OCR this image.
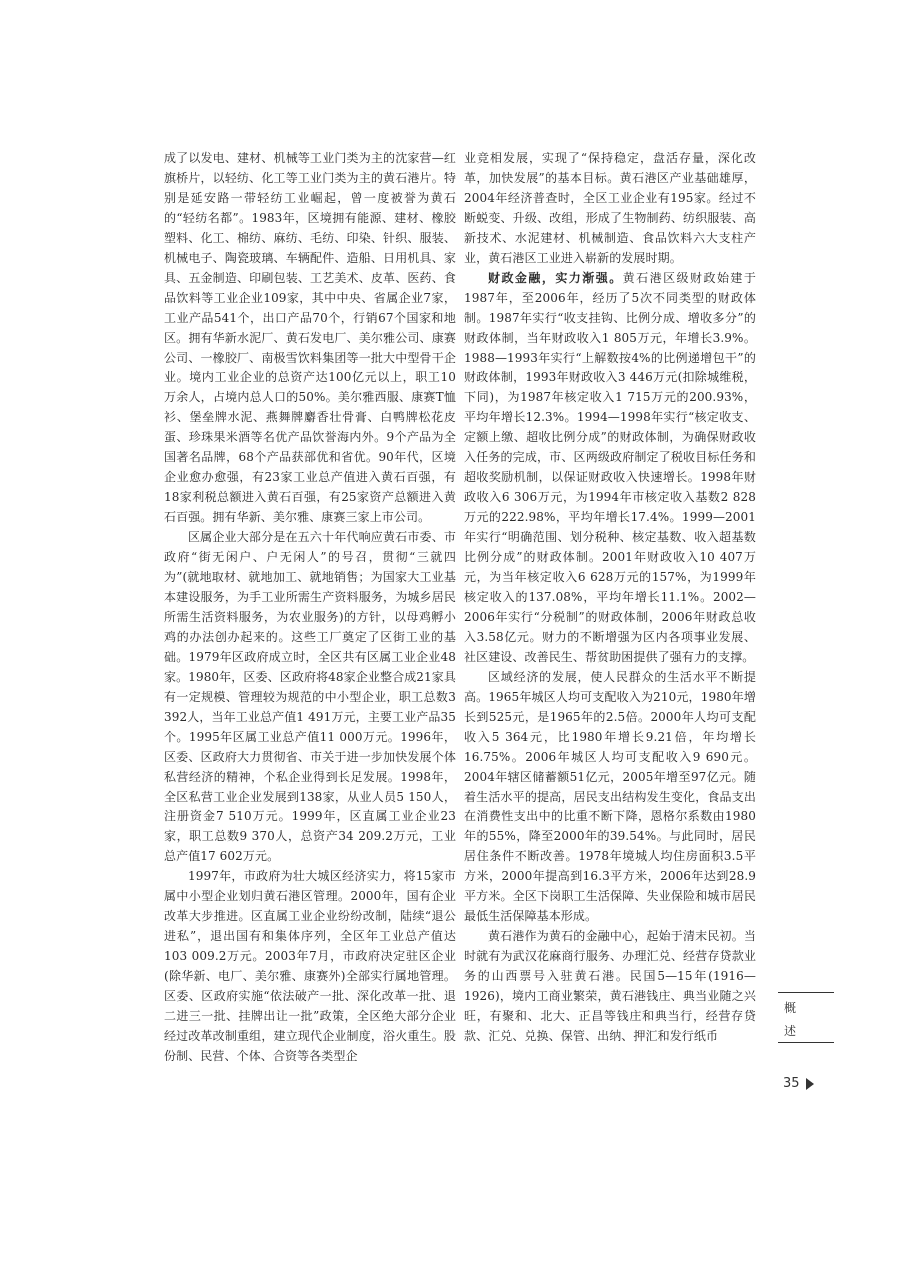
成了以发电、建材、机械等工业门类为主的沈家营—红旗桥片，以轻纺、化工等工业门类为主的黄石港片。特别是延安路一带轻纺工业崛起，曾一度被誉为黄石的“轻纺名都”。1983年，区境拥有能源、建材、橡胶塑料、化工、棉纺、麻纺、毛纺、印染、针织、服装、机械电子、陶瓷玻璃、车辆配件、造船、日用机具、家具、五金制造、印刷包装、工艺美术、皮革、医药、食品饮料等工业企业109家，其中中央、省属企业7家，工业产品541个，出口产品70个，行销67个国家和地区。拥有华新水泥厂、黄石发电厂、美尔雅公司、康赛公司、一橡胶厂、南极雪饮料集团等一批大中型骨干企业。境内工业企业的总资产达100亿元以上，职工10万余人，占境内总人口的50%。美尔雅西服、康赛T恤衫、堡垒牌水泥、燕舞牌麝香壮骨膏、白鸭牌松花皮蛋、珍珠果米酒等名优产品饮誉海内外。9个产品为全国著名品牌，68个产品获部优和省优。90年代，区境企业愈办愈强，有23家工业总产值进入黄石百强，有18家利税总额进入黄石百强，有25家资产总额进入黄石百强。拥有华新、美尔雅、康赛三家上市公司。

区属企业大部分是在五六十年代响应黄石市委、市政府“街无闲户、户无闲人”的号召，贯彻“三就四为”(就地取材、就地加工、就地销售；为国家大工业基本建设服务，为手工业所需生产资料服务，为城乡居民所需生活资料服务，为农业服务)的方针，以母鸡孵小鸡的办法创办起来的。这些工厂奠定了区街工业的基础。1979年区政府成立时，全区共有区属工业企业48家。1980年，区委、区政府将48家企业整合成21家具有一定规模、管理较为规范的中小型企业，职工总数3 392人，当年工业总产值1 491万元，主要工业产品35个。1995年区属工业总产值11 000万元。1996年，区委、区政府大力贯彻省、市关于进一步加快发展个体私营经济的精神，个私企业得到长足发展。1998年，全区私营工业企业发展到138家，从业人员5 150人，注册资金7 510万元。1999年，区直属工业企业23家，职工总数9 370人，总资产34 209.2万元，工业总产值17 602万元。

1997年，市政府为壮大城区经济实力，将15家市属中小型企业划归黄石港区管理。2000年，国有企业改革大步推进。区直属工业企业纷纷改制，陆续“退公进私”，退出国有和集体序列，全区年工业总产值达103 009.2万元。2003年7月，市政府决定驻区企业(除华新、电厂、美尔雅、康赛外)全部实行属地管理。区委、区政府实施“依法破产一批、深化改革一批、退二进三一批、挂牌出让一批”政策，全区绝大部分企业经过改革改制重组，建立现代企业制度，浴火重生。股份制、民营、个体、合资等各类型企

业竞相发展，实现了“保持稳定，盘活存量，深化改革，加快发展”的基本目标。黄石港区产业基础雄厚，2004年经济普查时，全区工业企业有195家。经过不断蜕变、升级、改组，形成了生物制药、纺织服装、高新技术、水泥建材、机械制造、食品饮料六大支柱产业，黄石港区工业进入崭新的发展时期。

财政金融，实力渐强。黄石港区级财政始建于1987年，至2006年，经历了5次不同类型的财政体制。1987年实行“收支挂钩、比例分成、增收多分”的财政体制，当年财政收入1 805万元，年增长3.9%。1988—1993年实行“上解数按4%的比例递增包干”的财政体制，1993年财政收入3 446万元(扣除城维税，下同)，为1987年核定收入1 715万元的200.93%，平均年增长12.3%。1994—1998年实行“核定收支、定额上缴、超收比例分成”的财政体制，为确保财政收入任务的完成，市、区两级政府制定了税收目标任务和超收奖励机制，以保证财政收入快速增长。1998年财政收入6 306万元，为1994年市核定收入基数2 828万元的222.98%，平均年增长17.4%。1999—2001年实行“明确范围、划分税种、核定基数、收入超基数比例分成”的财政体制。2001年财政收入10 407万元，为当年核定收入6 628万元的157%，为1999年核定收入的137.08%，平均年增长11.1%。2002—2006年实行“分税制”的财政体制，2006年财政总收入3.58亿元。财力的不断增强为区内各项事业发展、社区建设、改善民生、帮贫助困提供了强有力的支撑。

区域经济的发展，使人民群众的生活水平不断提高。1965年城区人均可支配收入为210元，1980年增长到525元，是1965年的2.5倍。2000年人均可支配收入5 364元，比1980年增长9.21倍，年均增长16.75%。2006年城区人均可支配收入9 690元。2004年辖区储蓄额51亿元，2005年增至97亿元。随着生活水平的提高，居民支出结构发生变化，食品支出在消费性支出中的比重不断下降，恩格尔系数由1980年的55%，降至2000年的39.54%。与此同时，居民居住条件不断改善。1978年境城人均住房面积3.5平方米，2000年提高到16.3平方米，2006年达到28.9平方米。全区下岗职工生活保障、失业保险和城市居民最低生活保障基本形成。

黄石港作为黄石的金融中心，起始于清末民初。当时就有为武汉花麻商行服务、办理汇兑、经营存贷款业务的山西票号入驻黄石港。民国5—15年(1916—1926)，境内工商业繁荣，黄石港钱庄、典当业随之兴旺，有聚和、北大、正昌等钱庄和典当行，经营存贷款、汇兑、兑换、保管、出纳、押汇和发行纸币

概
述
35
